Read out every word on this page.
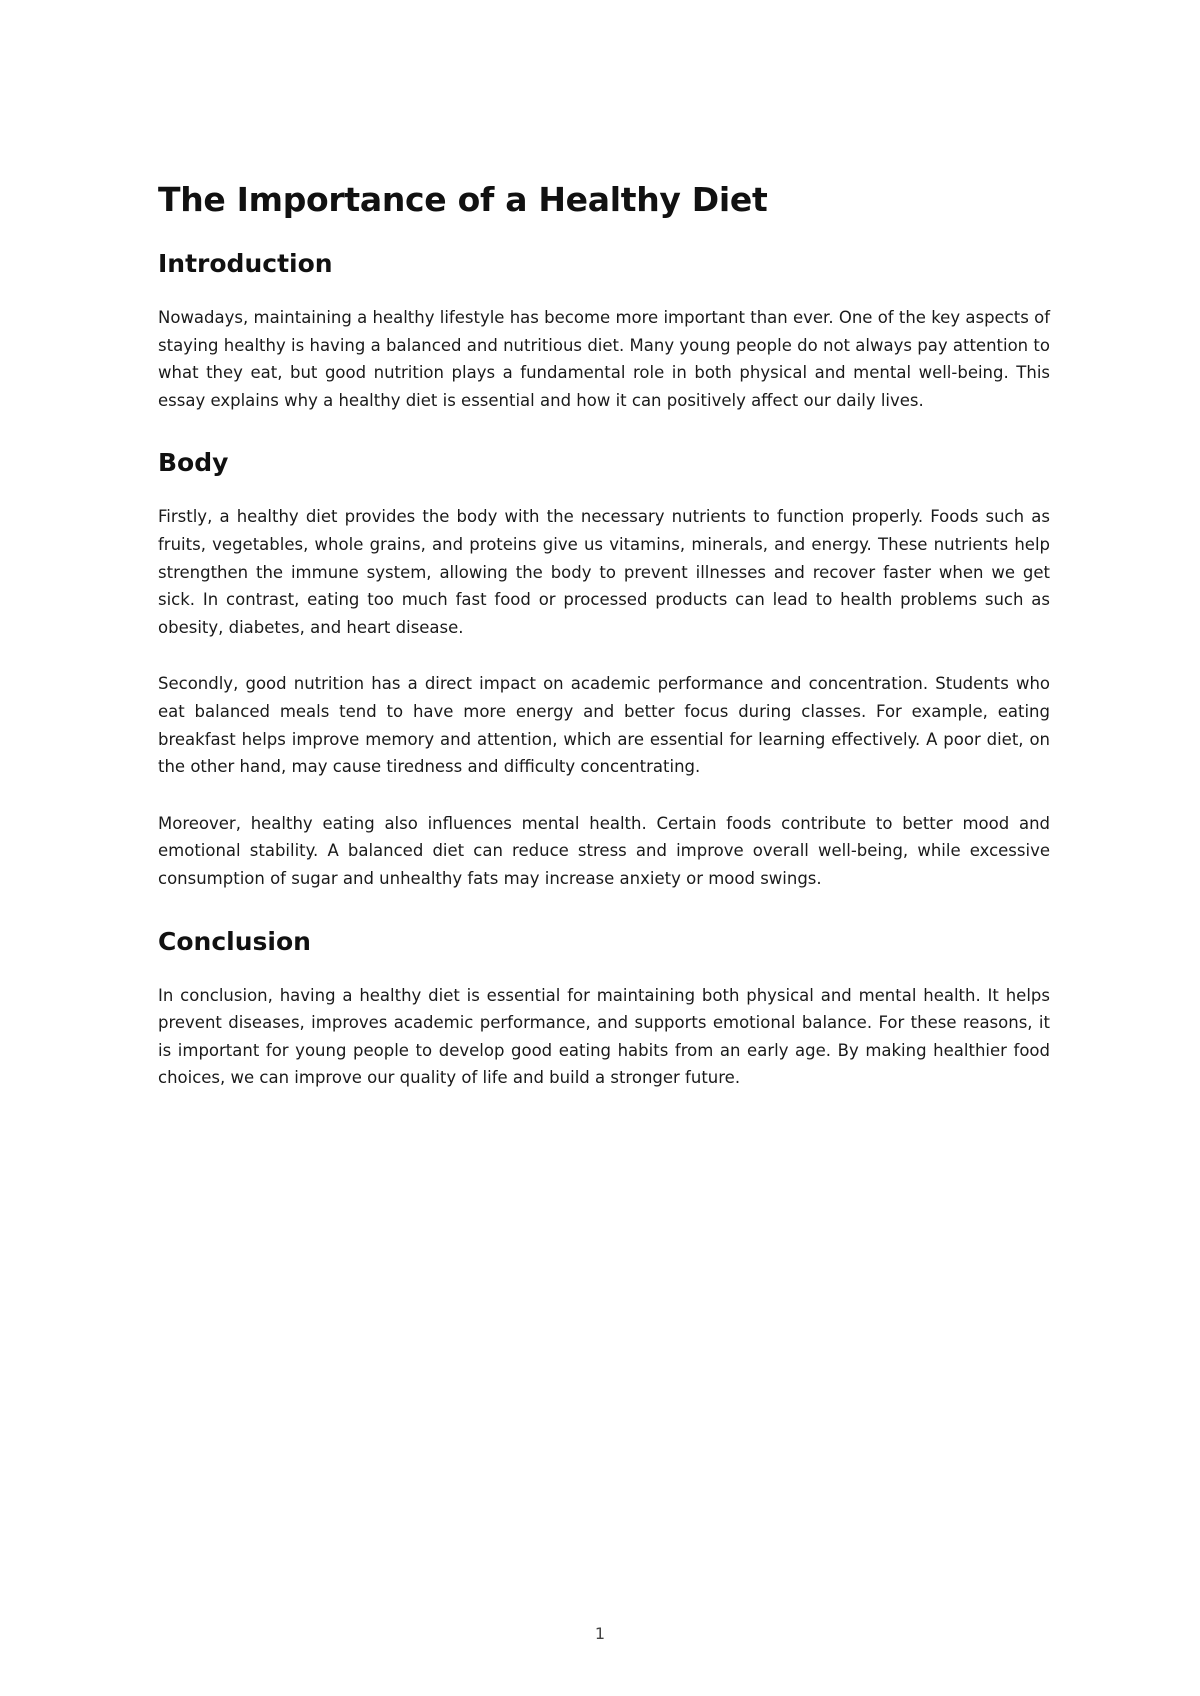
The Importance of a Healthy Diet
Introduction

Nowadays, maintaining a healthy lifestyle has become more important than ever. One of the key aspects of staying healthy is having a balanced and nutritious diet. Many young people do not always pay attention to what they eat, but good nutrition plays a fundamental role in both physical and mental well-being. This essay explains why a healthy diet is essential and how it can positively affect our daily lives.

Body

Firstly, a healthy diet provides the body with the necessary nutrients to function properly. Foods such as fruits, vegetables, whole grains, and proteins give us vitamins, minerals, and energy. These nutrients help strengthen the immune system, allowing the body to prevent illnesses and recover faster when we get sick. In contrast, eating too much fast food or processed products can lead to health problems such as obesity, diabetes, and heart disease.

Secondly, good nutrition has a direct impact on academic performance and concentration. Students who eat balanced meals tend to have more energy and better focus during classes. For example, eating breakfast helps improve memory and attention, which are essential for learning effectively. A poor diet, on the other hand, may cause tiredness and difficulty concentrating.

Moreover, healthy eating also influences mental health. Certain foods contribute to better mood and emotional stability. A balanced diet can reduce stress and improve overall well-being, while excessive consumption of sugar and unhealthy fats may increase anxiety or mood swings.

Conclusion

In conclusion, having a healthy diet is essential for maintaining both physical and mental health. It helps prevent diseases, improves academic performance, and supports emotional balance. For these reasons, it is important for young people to develop good eating habits from an early age. By making healthier food choices, we can improve our quality of life and build a stronger future.

1
